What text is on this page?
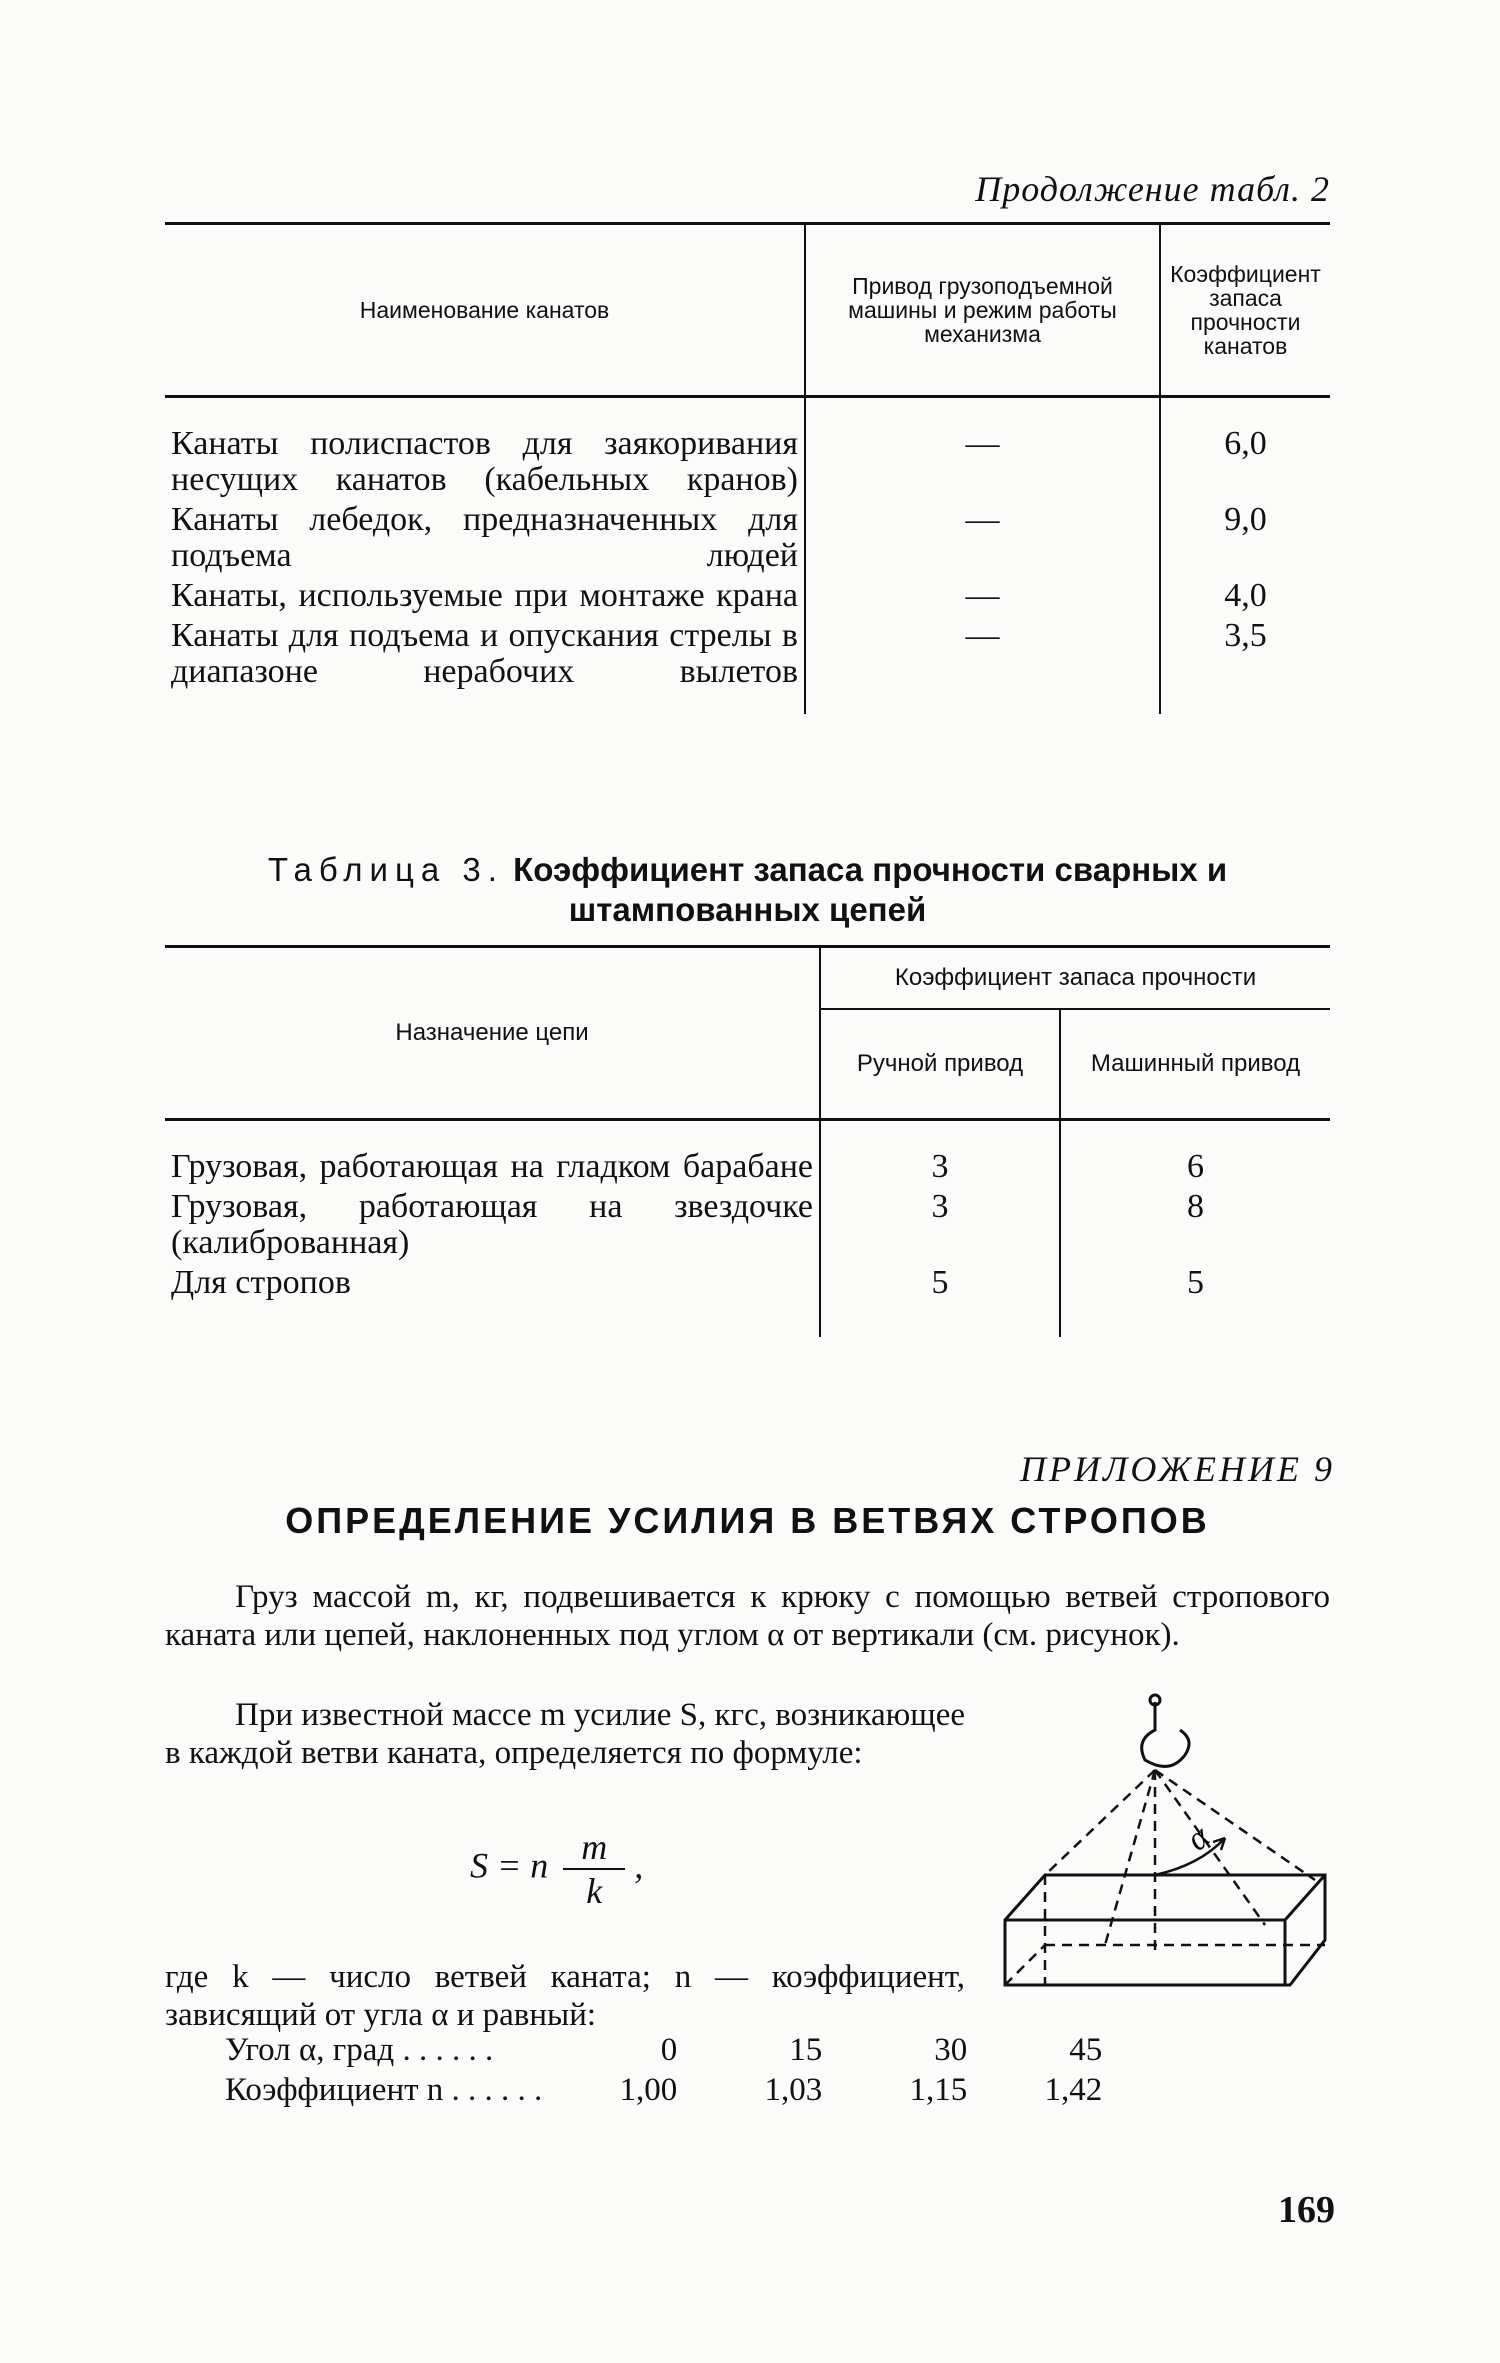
Продолжение табл. 2
Наименование канатов	Привод грузоподъемной машины и режим работы механизма	Коэффициент запаса прочности канатов

Канаты полиспастов для заякоривания несущих канатов (кабельных кранов)	—	6,0
Канаты лебедок, предназначенных для подъема людей	—	9,0
Канаты, используемые при монтаже крана	—	4,0
Канаты для подъема и опускания стрелы в диапазоне нерабочих вылетов	—	3,5

Таблица 3. Коэффициент запаса прочности сварных и штампованных цепей
Назначение цепи	Коэффициент запаса прочности	
	Ручной привод	Машинный привод

Грузовая, работающая на гладком барабане	3	6
Грузовая, работающая на звездочке (калиброванная)	3	8
Для стропов	5	5

ПРИЛОЖЕНИЕ 9
ОПРЕДЕЛЕНИЕ УСИЛИЯ В ВЕТВЯХ СТРОПОВ
Груз массой m, кг, подвешивается к крюку с помощью ветвей стропового каната или цепей, наклоненных под углом α от вертикали (см. рисунок).
При известной массе m усилие S, кгс, возникающее в каждой ветви каната, определяется по формуле:
S = n $\frac{m}{k}$ ,
где k — число ветвей каната; n — коэффициент, зависящий от угла α и равный:
α
Угол α, град . . . . . .	0	15	30	45
Коэффициент n . . . . . .	1,00	1,03	1,15	1,42
169
